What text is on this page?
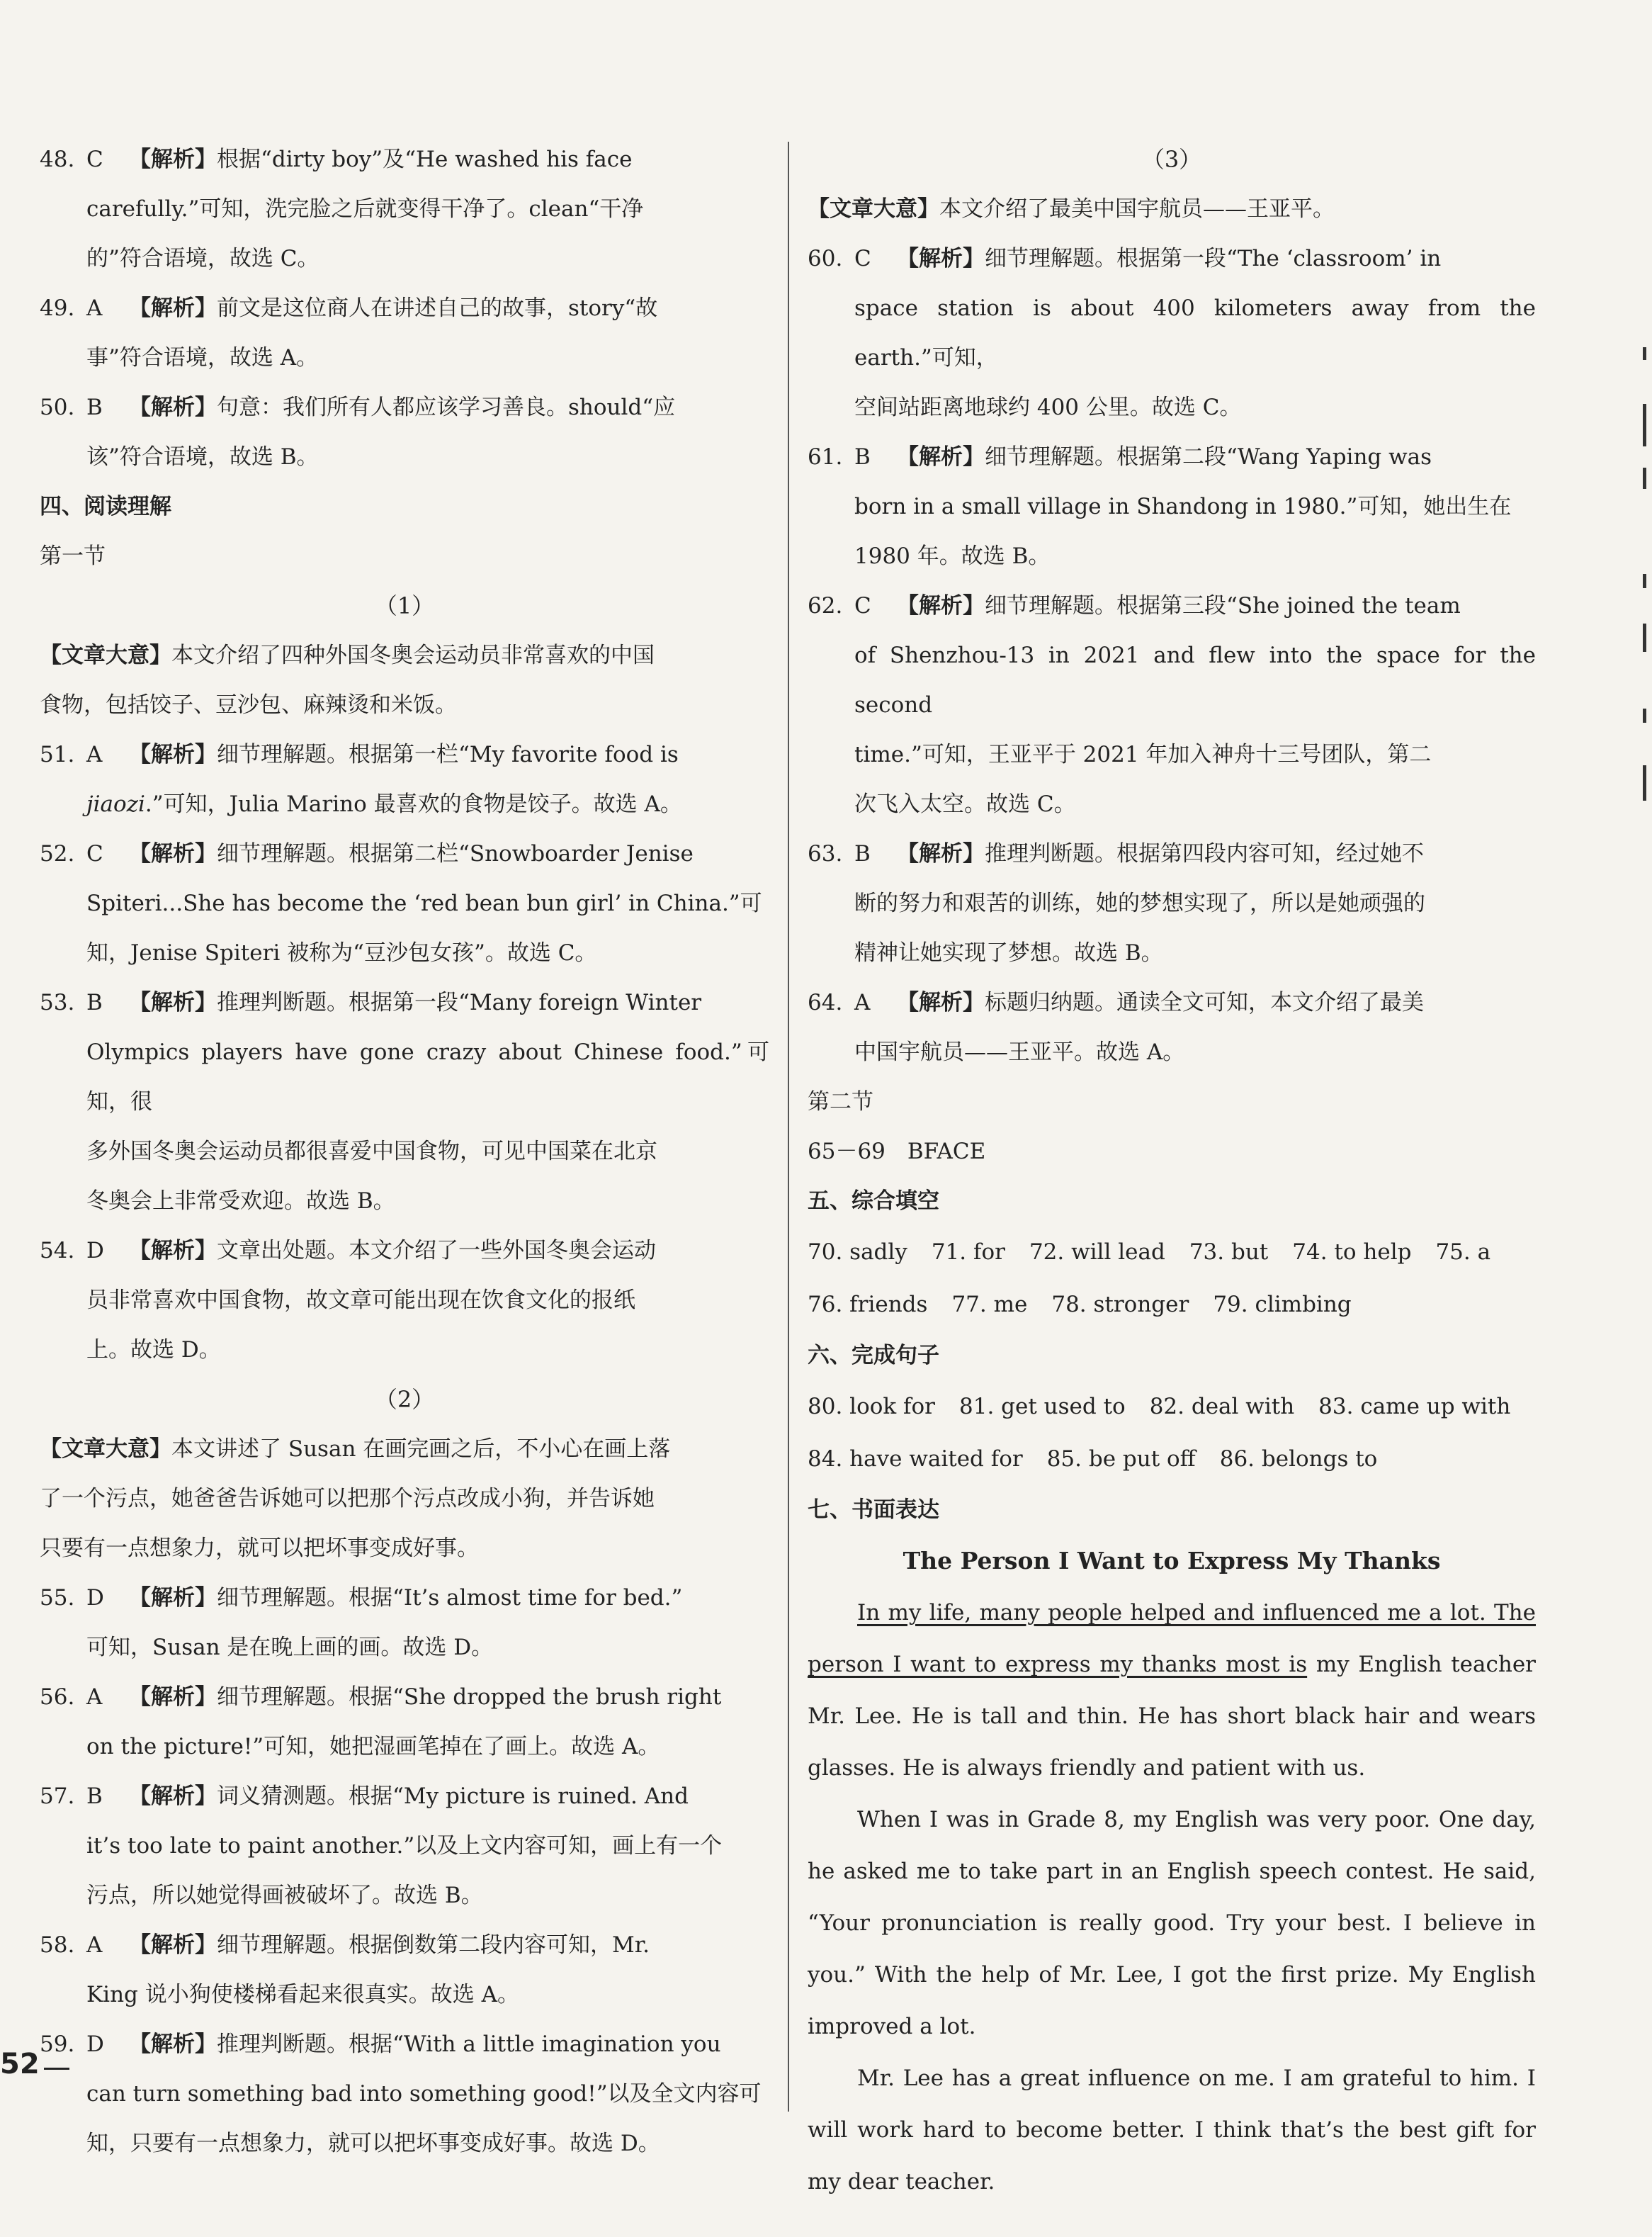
48. C 【解析】根据“dirty boy”及“He washed his face
carefully.”可知，洗完脸之后就变得干净了。clean“干净
的”符合语境，故选 C。
49. A 【解析】前文是这位商人在讲述自己的故事，story“故
事”符合语境，故选 A。
50. B 【解析】句意：我们所有人都应该学习善良。should“应
该”符合语境，故选 B。
四、阅读理解
第一节
（1）
【文章大意】本文介绍了四种外国冬奥会运动员非常喜欢的中国
食物，包括饺子、豆沙包、麻辣烫和米饭。
51. A 【解析】细节理解题。根据第一栏“My favorite food is
jiaozi.”可知，Julia Marino 最喜欢的食物是饺子。故选 A。
52. C 【解析】细节理解题。根据第二栏“Snowboarder Jenise
Spiteri...She has become the ‘red bean bun girl’ in China.”可
知，Jenise Spiteri 被称为“豆沙包女孩”。故选 C。
53. B 【解析】推理判断题。根据第一段“Many foreign Winter
Olympics players have gone crazy about Chinese food.”可知，很
多外国冬奥会运动员都很喜爱中国食物，可见中国菜在北京
冬奥会上非常受欢迎。故选 B。
54. D 【解析】文章出处题。本文介绍了一些外国冬奥会运动
员非常喜欢中国食物，故文章可能出现在饮食文化的报纸
上。故选 D。
（2）
【文章大意】本文讲述了 Susan 在画完画之后，不小心在画上落
了一个污点，她爸爸告诉她可以把那个污点改成小狗，并告诉她
只要有一点想象力，就可以把坏事变成好事。
55. D 【解析】细节理解题。根据“It’s almost time for bed.”
可知，Susan 是在晚上画的画。故选 D。
56. A 【解析】细节理解题。根据“She dropped the brush right
on the picture!”可知，她把湿画笔掉在了画上。故选 A。
57. B 【解析】词义猜测题。根据“My picture is ruined. And
it’s too late to paint another.”以及上文内容可知，画上有一个
污点，所以她觉得画被破坏了。故选 B。
58. A 【解析】细节理解题。根据倒数第二段内容可知，Mr.
King 说小狗使楼梯看起来很真实。故选 A。
59. D 【解析】推理判断题。根据“With a little imagination you
can turn something bad into something good!”以及全文内容可
知，只要有一点想象力，就可以把坏事变成好事。故选 D。
（3）
【文章大意】本文介绍了最美中国宇航员——王亚平。
60. C 【解析】细节理解题。根据第一段“The ‘classroom’ in
space station is about 400 kilometers away from the earth.”可知，
空间站距离地球约 400 公里。故选 C。
61. B 【解析】细节理解题。根据第二段“Wang Yaping was
born in a small village in Shandong in 1980.”可知，她出生在
1980 年。故选 B。
62. C 【解析】细节理解题。根据第三段“She joined the team
of Shenzhou-13 in 2021 and flew into the space for the second
time.”可知，王亚平于 2021 年加入神舟十三号团队，第二
次飞入太空。故选 C。
63. B 【解析】推理判断题。根据第四段内容可知，经过她不
断的努力和艰苦的训练，她的梦想实现了，所以是她顽强的
精神让她实现了梦想。故选 B。
64. A 【解析】标题归纳题。通读全文可知，本文介绍了最美
中国宇航员——王亚平。故选 A。
第二节
65－69　BFACE
五、综合填空
70. sadly 71. for 72. will lead 73. but 74. to help 75. a
76. friends 77. me 78. stronger 79. climbing
六、完成句子
80. look for 81. get used to 82. deal with 83. came up with
84. have waited for 85. be put off 86. belongs to
七、书面表达
The Person I Want to Express My Thanks

In my life, many people helped and influenced me a lot. The person I want to express my thanks most is my English teacher Mr. Lee. He is tall and thin. He has short black hair and wears glasses. He is always friendly and patient with us.

When I was in Grade 8, my English was very poor. One day, he asked me to take part in an English speech contest. He said, “Your pronunciation is really good. Try your best. I believe in you.” With the help of Mr. Lee, I got the first prize. My English improved a lot.

Mr. Lee has a great influence on me. I am grateful to him. I will work hard to become better. I think that’s the best gift for my dear teacher.

52
